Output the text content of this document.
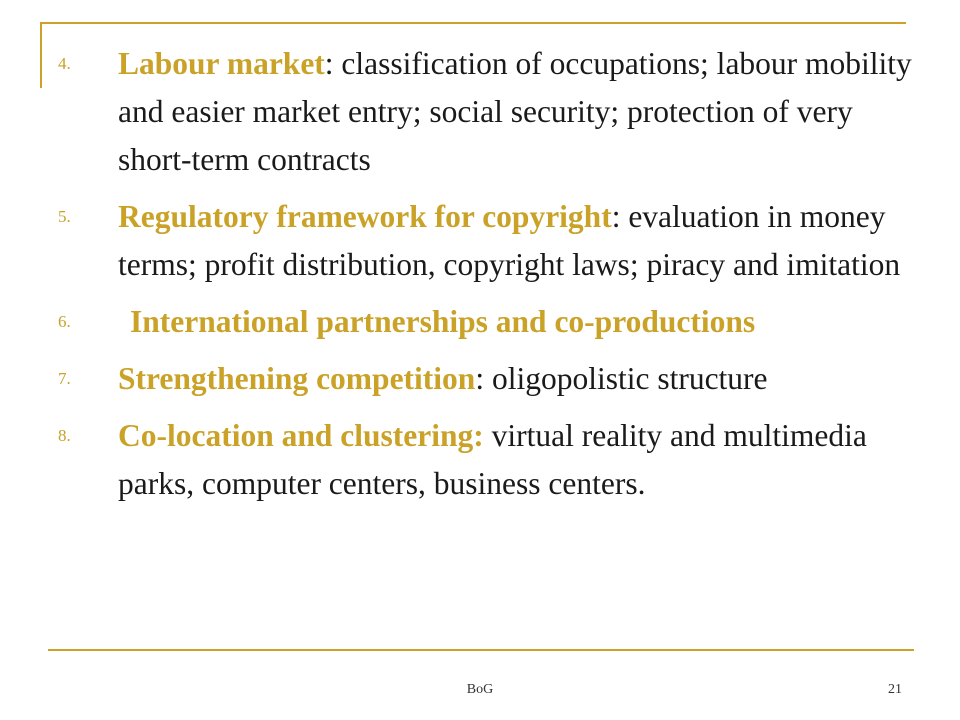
4. Labour market: classification of occupations; labour mobility and easier market entry; social security; protection of very short-term contracts
5. Regulatory framework for copyright: evaluation in money terms; profit distribution, copyright laws; piracy and imitation
6. International partnerships and co-productions
7. Strengthening competition: oligopolistic structure
8. Co-location and clustering: virtual reality and multimedia parks, computer centers, business centers.
BoG	21
